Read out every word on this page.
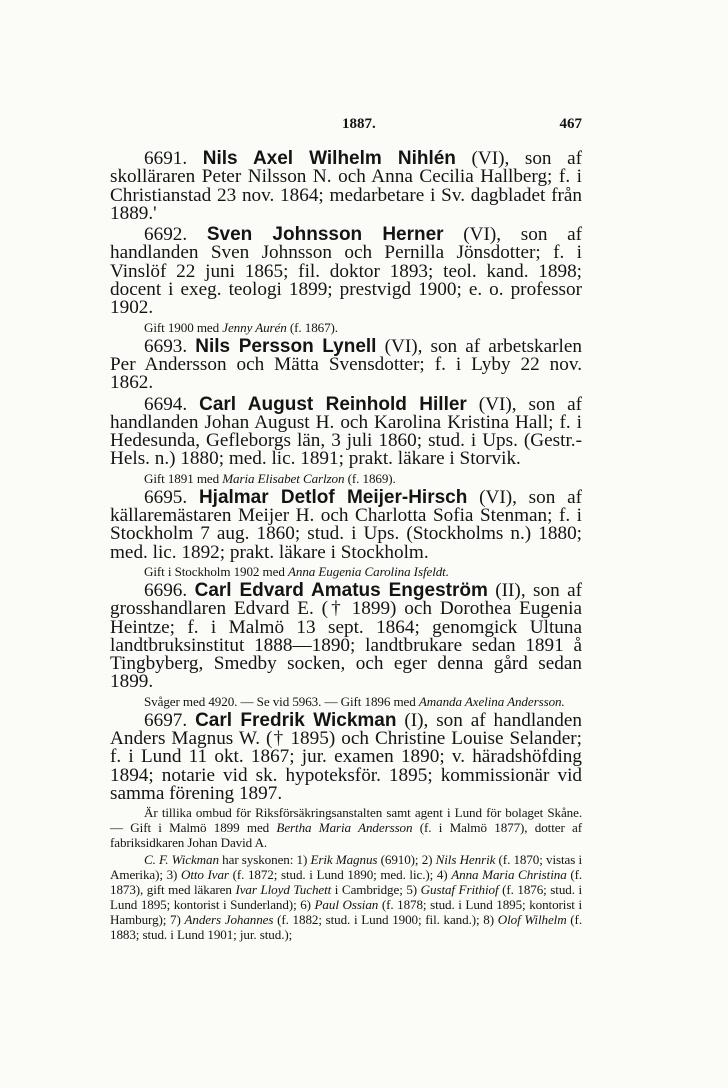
1887.	467

6691. Nils Axel Wilhelm Nihlén (VI), son af skolläraren Peter Nilsson N. och Anna Cecilia Hallberg; f. i Christianstad 23 nov. 1864; medarbetare i Sv. dagbladet från 1889.'

6692. Sven Johnsson Herner (VI), son af handlanden Sven Johnsson och Pernilla Jönsdotter; f. i Vinslöf 22 juni 1865; fil. doktor 1893; teol. kand. 1898; docent i exeg. teologi 1899; prestvigd 1900; e. o. professor 1902.

Gift 1900 med Jenny Aurén (f. 1867).

6693. Nils Persson Lynell (VI), son af arbetskarlen Per Andersson och Mätta Svensdotter; f. i Lyby 22 nov. 1862.

6694. Carl August Reinhold Hiller (VI), son af handlanden Johan August H. och Karolina Kristina Hall; f. i Hedesunda, Gefleborgs län, 3 juli 1860; stud. i Ups. (Gestr.-Hels. n.) 1880; med. lic. 1891; prakt. läkare i Storvik.

Gift 1891 med Maria Elisabet Carlzon (f. 1869).

6695. Hjalmar Detlof Meijer-Hirsch (VI), son af källaremästaren Meijer H. och Charlotta Sofia Stenman; f. i Stockholm 7 aug. 1860; stud. i Ups. (Stockholms n.) 1880; med. lic. 1892; prakt. läkare i Stockholm.

Gift i Stockholm 1902 med Anna Eugenia Carolina Isfeldt.

6696. Carl Edvard Amatus Engeström (II), son af grosshandlaren Edvard E. († 1899) och Dorothea Eugenia Heintze; f. i Malmö 13 sept. 1864; genomgick Ultuna landtbruksinstitut 1888—1890; landtbrukare sedan 1891 å Tingbyberg, Smedby socken, och eger denna gård sedan 1899.

Svåger med 4920. — Se vid 5963. — Gift 1896 med Amanda Axelina Andersson.

6697. Carl Fredrik Wickman (I), son af handlanden Anders Magnus W. († 1895) och Christine Louise Selander; f. i Lund 11 okt. 1867; jur. examen 1890; v. häradshöfding 1894; notarie vid sk. hypoteksför. 1895; kommissionär vid samma förening 1897.

Är tillika ombud för Riksförsäkringsanstalten samt agent i Lund för bolaget Skåne. — Gift i Malmö 1899 med Bertha Maria Andersson (f. i Malmö 1877), dotter af fabriksidkaren Johan David A.

C. F. Wickman har syskonen: 1) Erik Magnus (6910); 2) Nils Henrik (f. 1870; vistas i Amerika); 3) Otto Ivar (f. 1872; stud. i Lund 1890; med. lic.); 4) Anna Maria Christina (f. 1873), gift med läkaren Ivar Lloyd Tuchett i Cambridge; 5) Gustaf Frithiof (f. 1876; stud. i Lund 1895; kontorist i Sunderland); 6) Paul Ossian (f. 1878; stud. i Lund 1895; kontorist i Hamburg); 7) Anders Johannes (f. 1882; stud. i Lund 1900; fil. kand.); 8) Olof Wilhelm (f. 1883; stud. i Lund 1901; jur. stud.);
